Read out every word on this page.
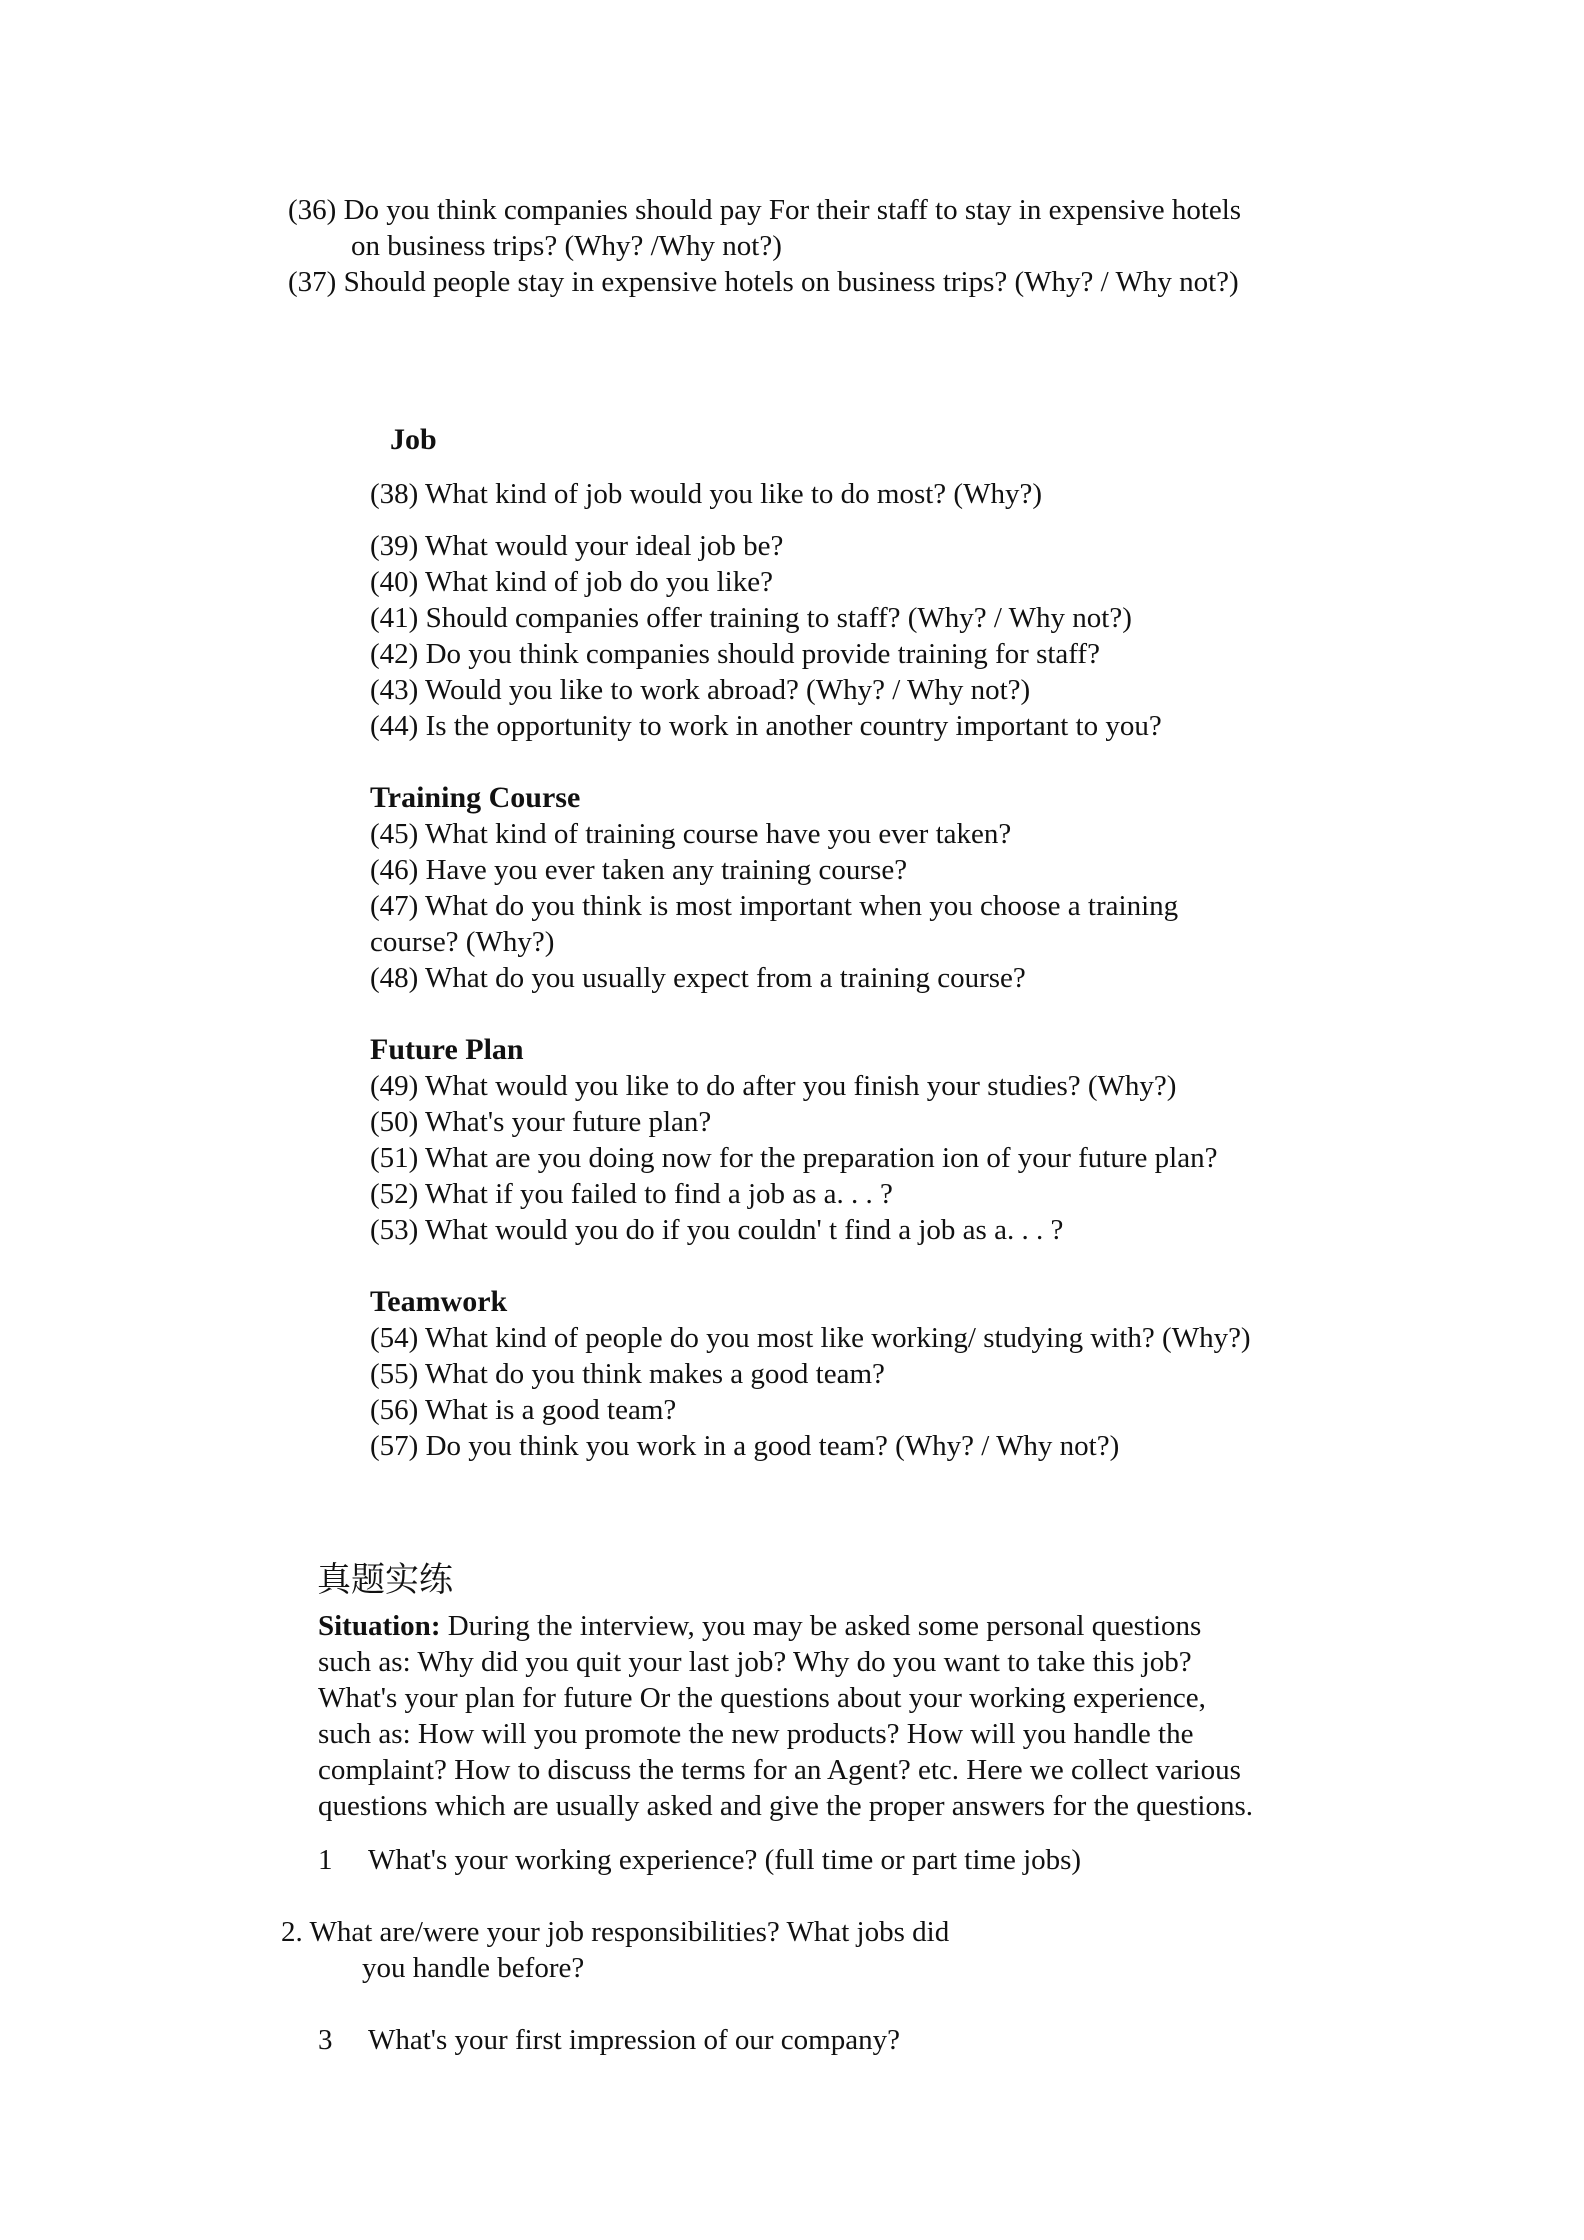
(36) Do you think companies should pay For their staff to stay in expensive hotels
on business trips? (Why? /Why not?)
(37) Should people stay in expensive hotels on business trips? (Why? / Why not?)
Job
(38) What kind of job would you like to do most? (Why?)
(39) What would your ideal job be?
(40) What kind of job do you like?
(41) Should companies offer training to staff? (Why? / Why not?)
(42) Do you think companies should provide training for staff?
(43) Would you like to work abroad? (Why? / Why not?)
(44) Is the opportunity to work in another country important to you?
Training Course
(45) What kind of training course have you ever taken?
(46) Have you ever taken any training course?
(47) What do you think is most important when you choose a training
course? (Why?)
(48) What do you usually expect from a training course?
Future Plan
(49) What would you like to do after you finish your studies? (Why?)
(50) What's your future plan?
(51) What are you doing now for the preparation ion of your future plan?
(52) What if you failed to find a job as a. . . ?
(53) What would you do if you couldn' t find a job as a. . . ?
Teamwork
(54) What kind of people do you most like working/ studying with? (Why?)
(55) What do you think makes a good team?
(56) What is a good team?
(57) Do you think you work in a good team? (Why? / Why not?)
真题实练
Situation: During the interview, you may be asked some personal questions
such as: Why did you quit your last job? Why do you want to take this job?
What's your plan for future Or the questions about your working experience,
such as: How will you promote the new products? How will you handle the
complaint? How to discuss the terms for an Agent? etc. Here we collect various
questions which are usually asked and give the proper answers for the questions.
1 What's your working experience? (full time or part time jobs)
2. What are/were your job responsibilities? What jobs did
you handle before?
3 What's your first impression of our company?
